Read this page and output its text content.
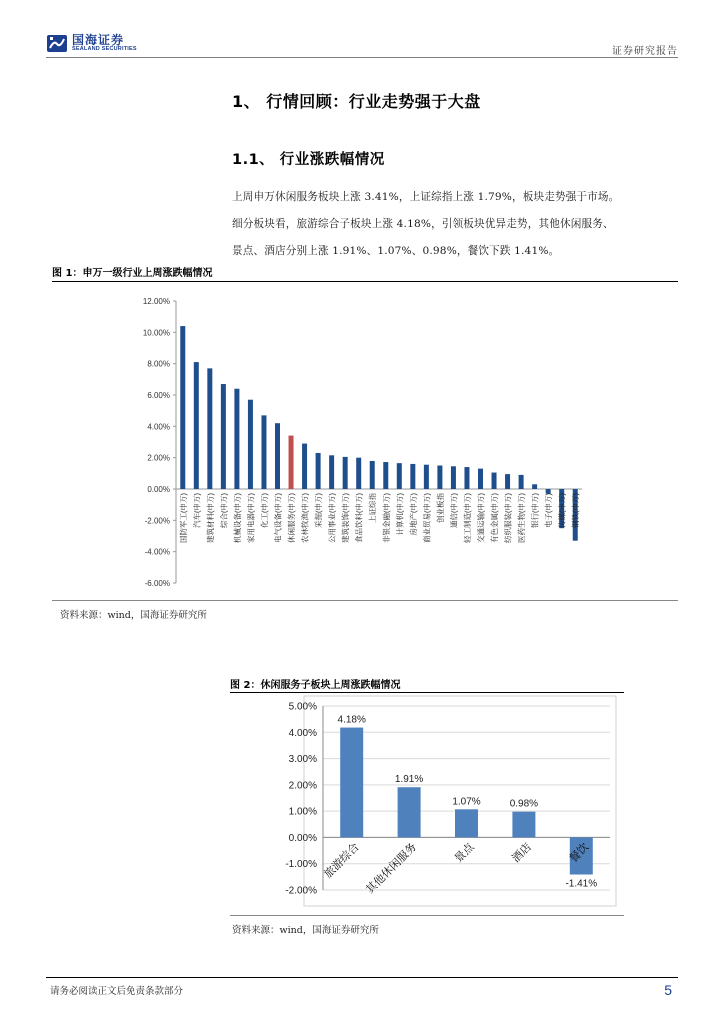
国海证券
SEALAND SECURITIES	证券研究报告
1、 行情回顾：行业走势强于大盘
1.1、 行业涨跌幅情况
上周申万休闲服务板块上涨 3.41%，上证综指上涨 1.79%，板块走势强于市场。
细分板块看，旅游综合子板块上涨 4.18%，引领板块优异走势，其他休闲服务、
景点、酒店分别上涨 1.91%、1.07%、0.98%，餐饮下跌 1.41%。
图 1：申万一级行业上周涨跌幅情况
12.00%
10.00%
8.00%
6.00%
4.00%
2.00%
0.00%
-2.00%
-4.00%
-6.00%
国防军工(申万) 汽车(申万) 建筑材料(申万) 综合(申万) 机械设备(申万) 家用电器(申万) 化工(申万) 电气设备(申万) 休闲服务(申万) 农林牧渔(申万) 采掘(申万) 公用事业(申万) 建筑装饰(申万) 食品饮料(申万) 上证综指 非银金融(申万) 计算机(申万) 房地产(申万) 商业贸易(申万) 创业板指 通信(申万) 轻工制造(申万) 交通运输(申万) 有色金属(申万) 纺织服装(申万) 医药生物(申万) 银行(申万) 电子(申万) 传媒(申万) 钢铁(申万)
资料来源：wind，国海证券研究所
图 2：休闲服务子板块上周涨跌幅情况
5.00%
4.00%
3.00%
2.00%
1.00%
0.00%
-1.00%
-2.00%
4.18%
旅游综合
1.91%
其他休闲服务
1.07%
景点
0.98%
酒店
-1.41%
餐饮
资料来源：wind，国海证券研究所
请务必阅读正文后免责条款部分	5
